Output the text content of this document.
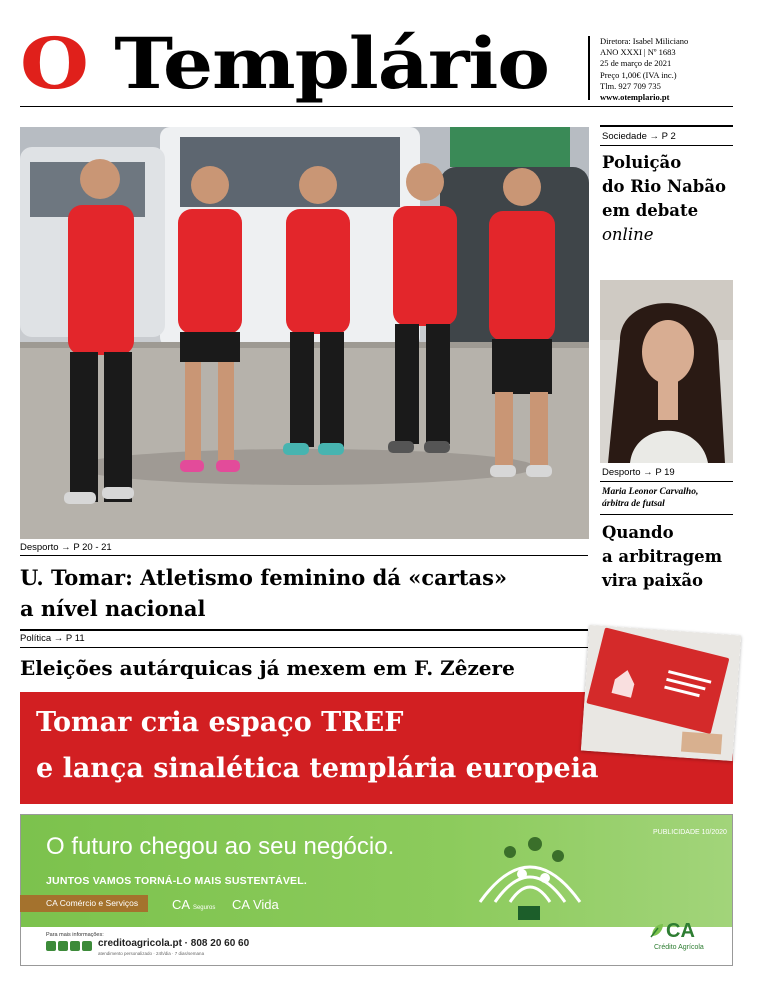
O Templário	Diretora: Isabel Miliciano
ANO XXXI | Nº 1683
25 de março de 2021
Preço 1,00€ (IVA inc.)
Tlm. 927 709 735
www.otemplario.pt
Desporto → P 20 - 21
U. Tomar: Atletismo feminino dá «cartas»
a nível nacional
Política → P 11
Eleições autárquicas já mexem em F. Zêzere
Sociedade → P 2
Poluição
do Rio Nabão
em debate
online
Desporto → P 19
Maria Leonor Carvalho,
árbitra de futsal
Quando
a arbitragem
vira paixão
Tomar cria espaço TREF
e lança sinalética templária europeia
O futuro chegou ao seu negócio.
JUNTOS VAMOS TORNÁ-LO MAIS SUSTENTÁVEL.
PUBLICIDADE 10/2020
CA Comércio e Serviços	CA Seguros CA Vida
Para mais informações:
creditoagricola.pt · 808 20 60 60
atendimento personalizado · 24h/dia · 7 dias/semana
CA
Crédito Agrícola
